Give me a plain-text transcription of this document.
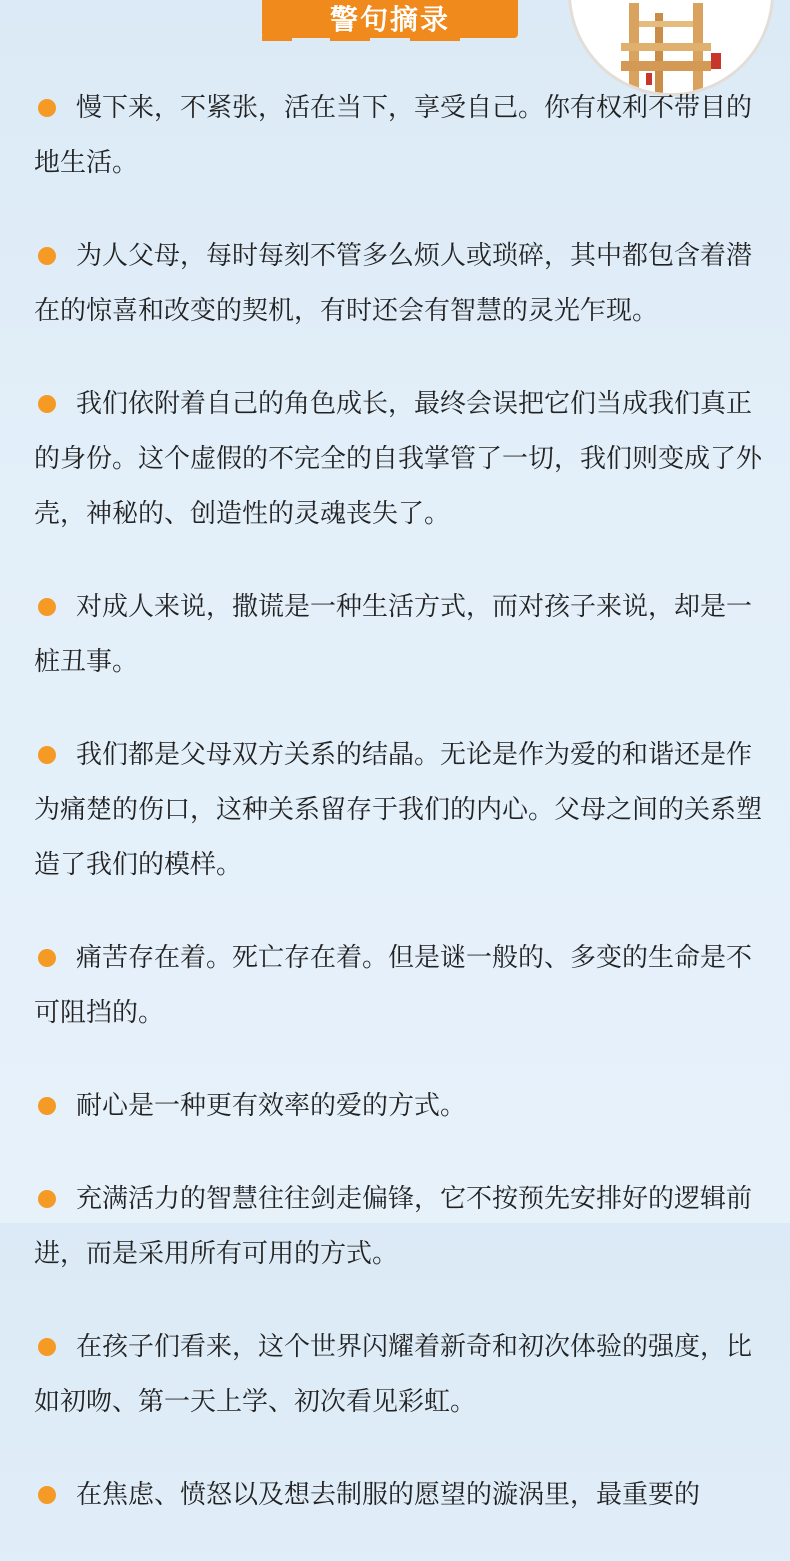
警句摘录

慢下来，不紧张，活在当下，享受自己。你有权利不带目的地生活。

为人父母，每时每刻不管多么烦人或琐碎，其中都包含着潜在的惊喜和改变的契机，有时还会有智慧的灵光乍现。

我们依附着自己的角色成长，最终会误把它们当成我们真正的身份。这个虚假的不完全的自我掌管了一切，我们则变成了外壳，神秘的、创造性的灵魂丧失了。

对成人来说，撒谎是一种生活方式，而对孩子来说，却是一桩丑事。

我们都是父母双方关系的结晶。无论是作为爱的和谐还是作为痛楚的伤口，这种关系留存于我们的内心。父母之间的关系塑造了我们的模样。

痛苦存在着。死亡存在着。但是谜一般的、多变的生命是不可阻挡的。

耐心是一种更有效率的爱的方式。

充满活力的智慧往往剑走偏锋，它不按预先安排好的逻辑前进，而是采用所有可用的方式。

在孩子们看来，这个世界闪耀着新奇和初次体验的强度，比如初吻、第一天上学、初次看见彩虹。

在焦虑、愤怒以及想去制服的愿望的漩涡里，最重要的
